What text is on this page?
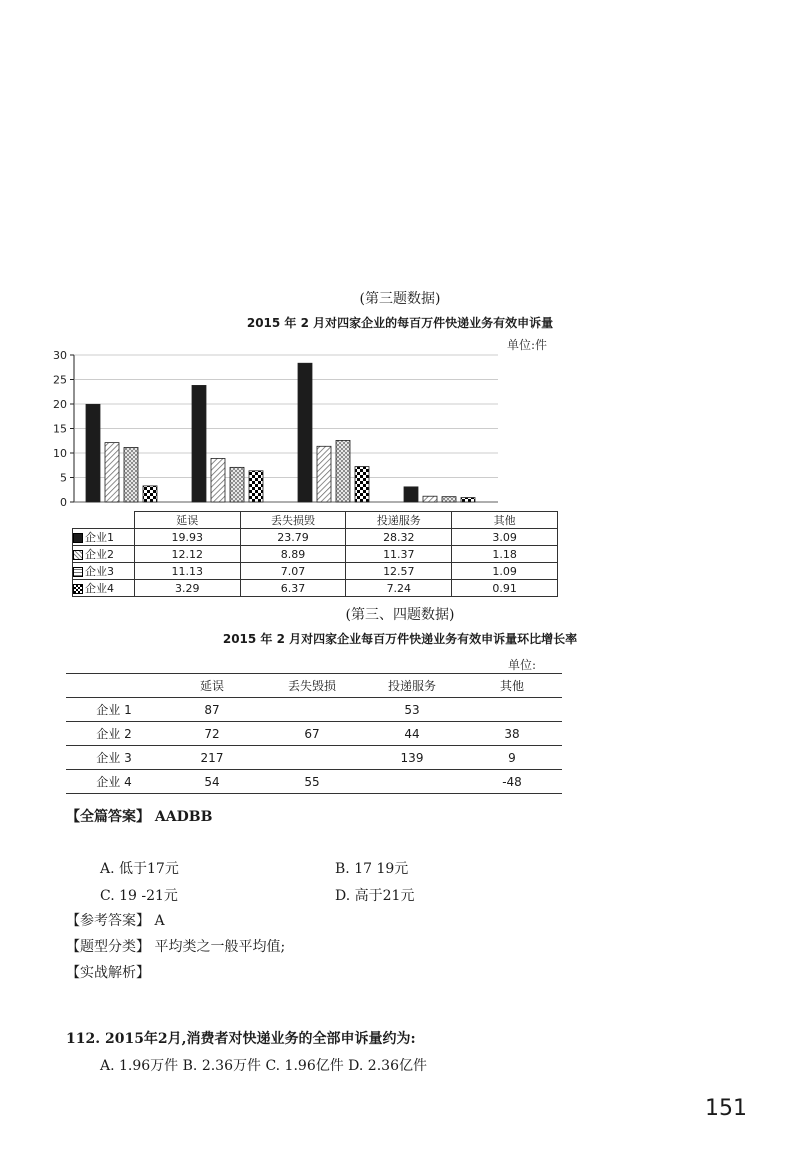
(第三题数据)
2015 年 2 月对四家企业的每百万件快递业务有效申诉量
单位:件
0
5
10
15
20
25
30
	延误	丢失损毁	投递服务	其他
企业1	19.93	23.79	28.32	3.09
企业2	12.12	8.89	11.37	1.18
企业3	11.13	7.07	12.57	1.09
企业4	3.29	6.37	7.24	0.91
(第三、四题数据)
2015 年 2 月对四家企业每百万件快递业务有效申诉量环比增长率
单位:
	延误	丢失毁损	投递服务	其他
企业 1	87		53	
企业 2	72	67	44	38
企业 3	217		139	9
企业 4	54	55		-48
【全篇答案】 AADBB
A. 低于17元	B. 17 19元
C. 19 -21元	D. 高于21元
【参考答案】 A
【题型分类】 平均类之一般平均值;
【实战解析】
112. 2015年2月,消费者对快递业务的全部申诉量约为:
A. 1.96万件 B. 2.36万件 C. 1.96亿件 D. 2.36亿件
151
